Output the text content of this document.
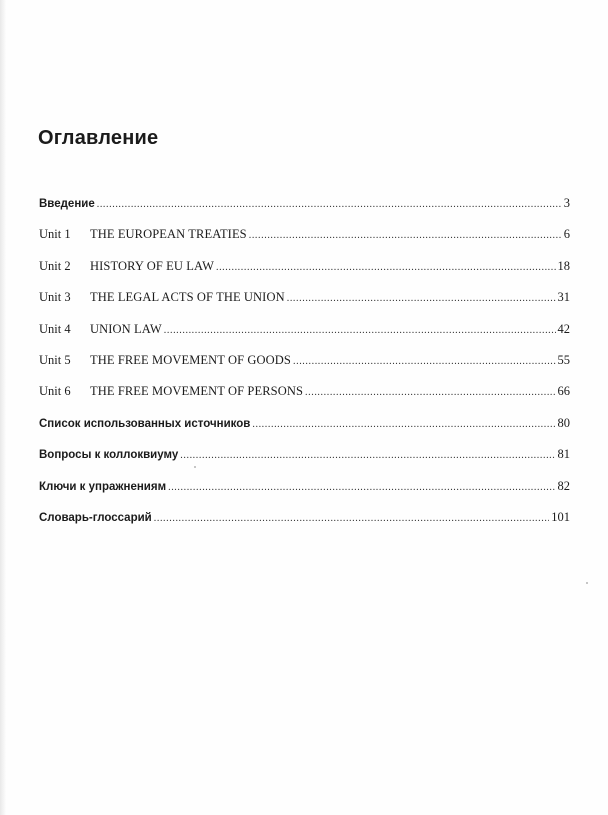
Оглавление
Введение .....	3
Unit 1	THE EUROPEAN TREATIES .....	6
Unit 2	HISTORY OF EU LAW .....	18
Unit 3	THE LEGAL ACTS OF THE UNION .....	31
Unit 4	UNION LAW .....	42
Unit 5	THE FREE MOVEMENT OF GOODS .....	55
Unit 6	THE FREE MOVEMENT OF PERSONS .....	66
Список использованных источников .....	80
Вопросы к коллоквиуму .....	81
Ключи к упражнениям .....	82
Словарь-глоссарий .....	101
